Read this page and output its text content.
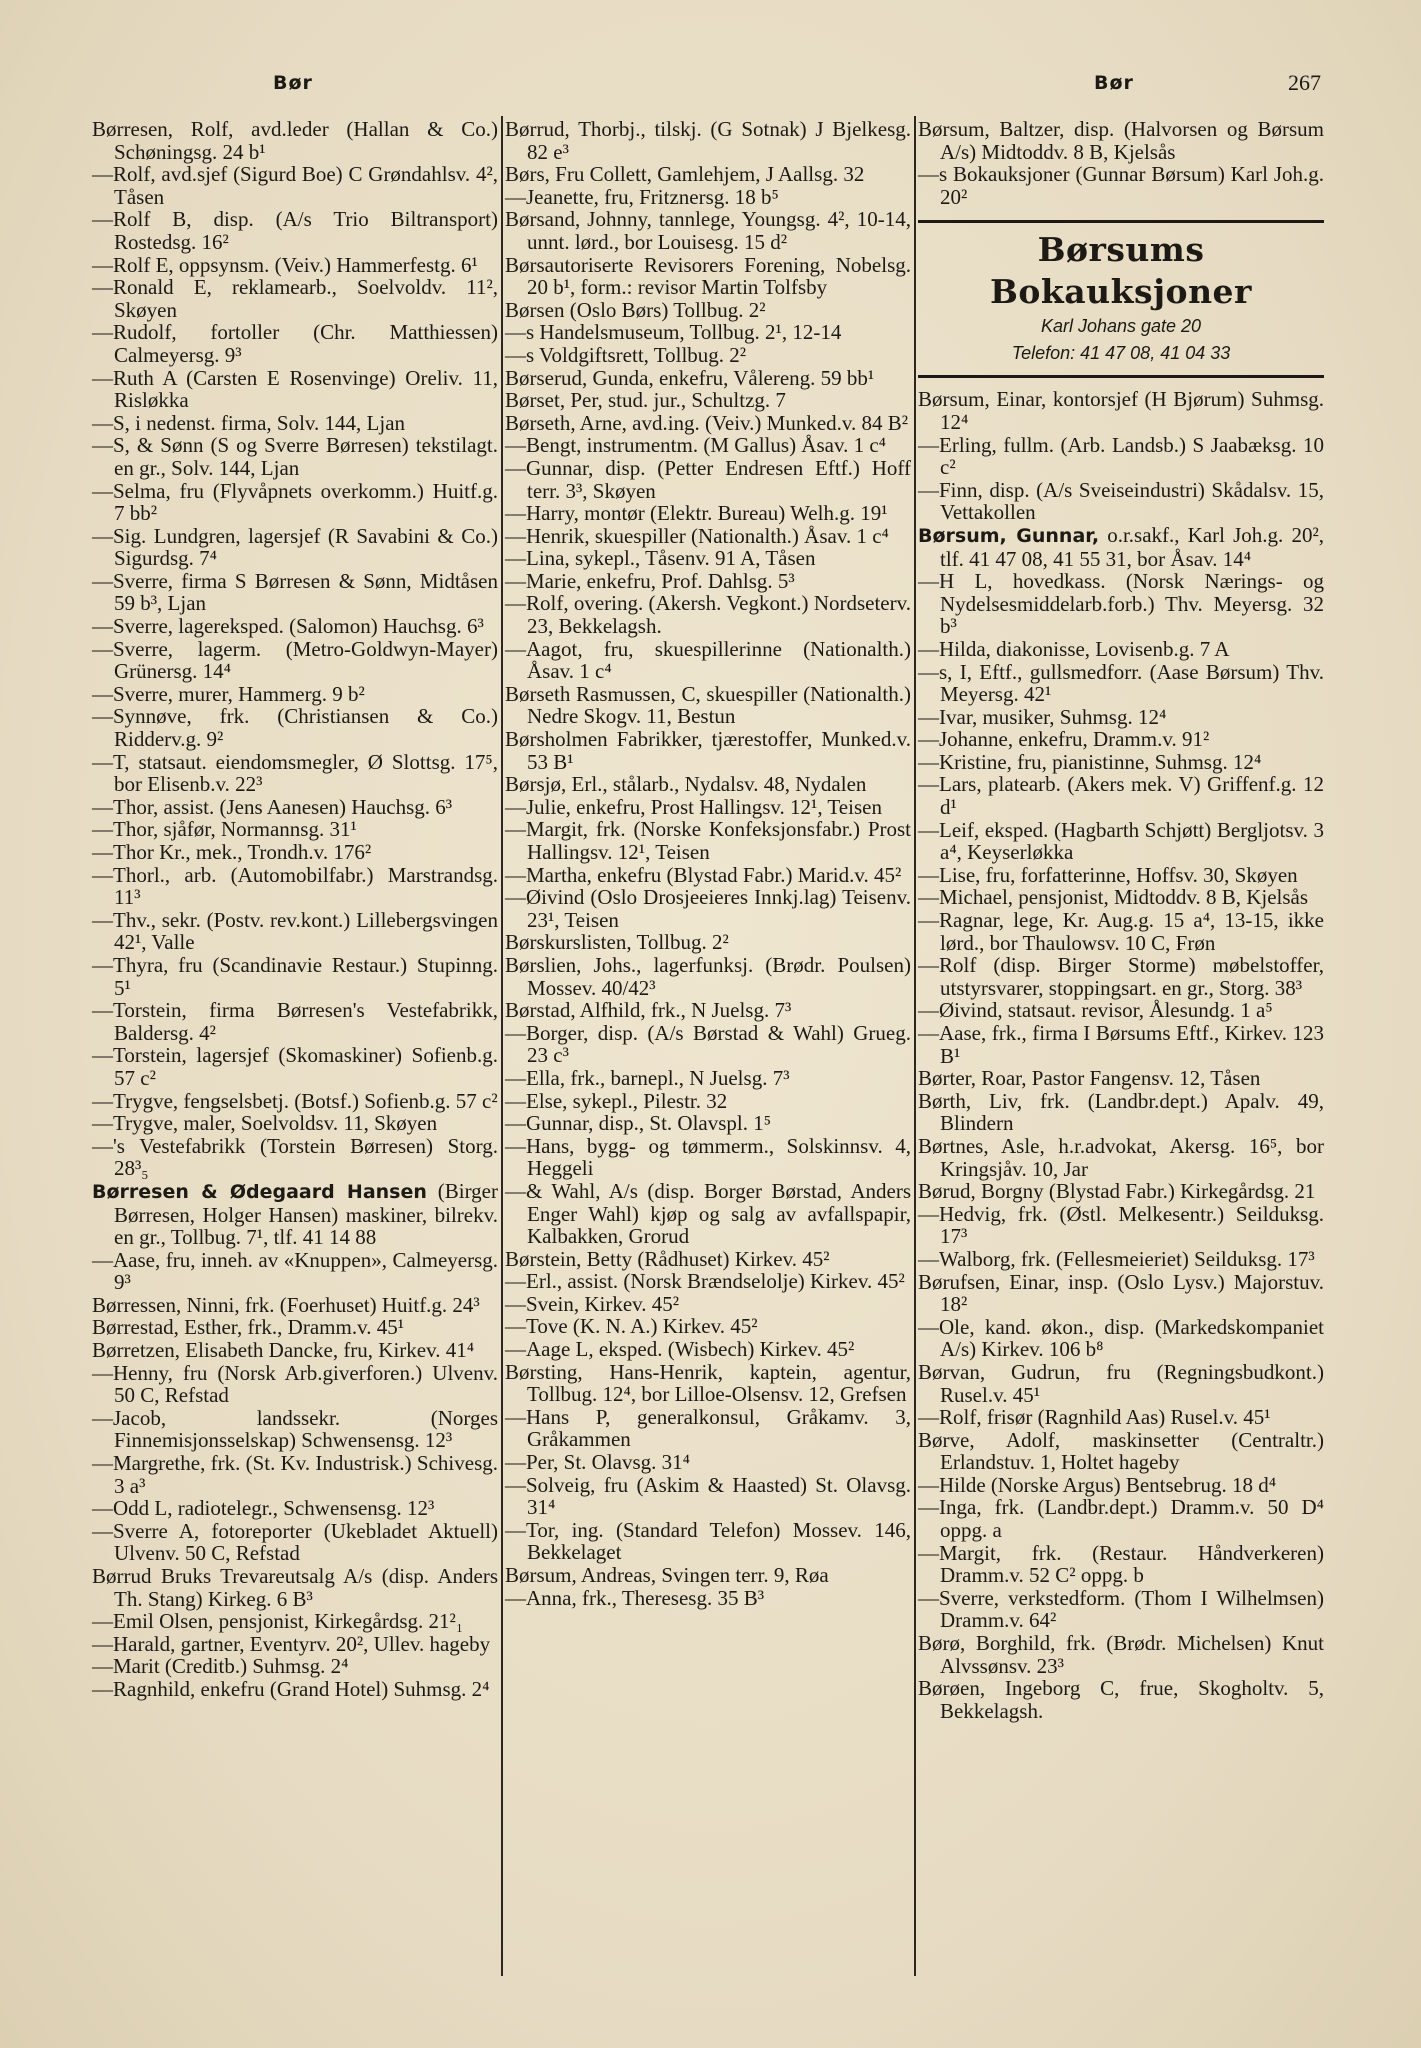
Bør	Bør	267
Børresen, Rolf, avd.leder (Hallan & Co.) Schøningsg. 24 b¹
—Rolf, avd.sjef (Sigurd Boe) C Grøndahlsv. 4², Tåsen
—Rolf B, disp. (A/s Trio Biltransport) Rostedsg. 16²
—Rolf E, oppsynsm. (Veiv.) Hammerfestg. 6¹
—Ronald E, reklamearb., Soelvoldv. 11², Skøyen
—Rudolf, fortoller (Chr. Matthiessen) Calmeyersg. 9³
—Ruth A (Carsten E Rosenvinge) Oreliv. 11, Risløkka
—S, i nedenst. firma, Solv. 144, Ljan
—S, & Sønn (S og Sverre Børresen) tekstilagt. en gr., Solv. 144, Ljan
—Selma, fru (Flyvåpnets overkomm.) Huitf.g. 7 bb²
—Sig. Lundgren, lagersjef (R Savabini & Co.) Sigurdsg. 7⁴
—Sverre, firma S Børresen & Sønn, Midtåsen 59 b³, Ljan
—Sverre, lagereksped. (Salomon) Hauchsg. 6³
—Sverre, lagerm. (Metro-Goldwyn-Mayer) Grünersg. 14⁴
—Sverre, murer, Hammerg. 9 b²
—Synnøve, frk. (Christiansen & Co.) Ridderv.g. 9²
—T, statsaut. eiendomsmegler, Ø Slottsg. 17⁵, bor Elisenb.v. 22³
—Thor, assist. (Jens Aanesen) Hauchsg. 6³
—Thor, sjåfør, Normannsg. 31¹
—Thor Kr., mek., Trondh.v. 176²
—Thorl., arb. (Automobilfabr.) Marstrandsg. 11³
—Thv., sekr. (Postv. rev.kont.) Lillebergsvingen 42¹, Valle
—Thyra, fru (Scandinavie Restaur.) Stupinng. 5¹
—Torstein, firma Børresen's Vestefabrikk, Baldersg. 4²
—Torstein, lagersjef (Skomaskiner) Sofienb.g. 57 c²
—Trygve, fengselsbetj. (Botsf.) Sofienb.g. 57 c²
—Trygve, maler, Soelvoldsv. 11, Skøyen
—'s Vestefabrikk (Torstein Børresen) Storg. 28³₅
Børresen & Ødegaard Hansen (Birger Børresen, Holger Hansen) maskiner, bilrekv. en gr., Tollbug. 7¹, tlf. 41 14 88
—Aase, fru, inneh. av «Knuppen», Calmeyersg. 9³
Børressen, Ninni, frk. (Foerhuset) Huitf.g. 24³
Børrestad, Esther, frk., Dramm.v. 45¹
Børretzen, Elisabeth Dancke, fru, Kirkev. 41⁴
—Henny, fru (Norsk Arb.giverforen.) Ulvenv. 50 C, Refstad
—Jacob, landssekr. (Norges Finnemisjonsselskap) Schwensensg. 12³
—Margrethe, frk. (St. Kv. Industrisk.) Schivesg. 3 a³
—Odd L, radiotelegr., Schwensensg. 12³
—Sverre A, fotoreporter (Ukebladet Aktuell) Ulvenv. 50 C, Refstad
Børrud Bruks Trevareutsalg A/s (disp. Anders Th. Stang) Kirkeg. 6 B³
—Emil Olsen, pensjonist, Kirkegårdsg. 21²₁
—Harald, gartner, Eventyrv. 20², Ullev. hageby
—Marit (Creditb.) Suhmsg. 2⁴
—Ragnhild, enkefru (Grand Hotel) Suhmsg. 2⁴
Børrud, Thorbj., tilskj. (G Sotnak) J Bjelkesg. 82 e³
Børs, Fru Collett, Gamlehjem, J Aallsg. 32
—Jeanette, fru, Fritznersg. 18 b⁵
Børsand, Johnny, tannlege, Youngsg. 4², 10-14, unnt. lørd., bor Louisesg. 15 d²
Børsautoriserte Revisorers Forening, Nobelsg. 20 b¹, form.: revisor Martin Tolfsby
Børsen (Oslo Børs) Tollbug. 2²
—s Handelsmuseum, Tollbug. 2¹, 12-14
—s Voldgiftsrett, Tollbug. 2²
Børserud, Gunda, enkefru, Vålereng. 59 bb¹
Børset, Per, stud. jur., Schultzg. 7
Børseth, Arne, avd.ing. (Veiv.) Munked.v. 84 B²
—Bengt, instrumentm. (M Gallus) Åsav. 1 c⁴
—Gunnar, disp. (Petter Endresen Eftf.) Hoff terr. 3³, Skøyen
—Harry, montør (Elektr. Bureau) Welh.g. 19¹
—Henrik, skuespiller (Nationalth.) Åsav. 1 c⁴
—Lina, sykepl., Tåsenv. 91 A, Tåsen
—Marie, enkefru, Prof. Dahlsg. 5³
—Rolf, overing. (Akersh. Vegkont.) Nordseterv. 23, Bekkelagsh.
—Aagot, fru, skuespillerinne (Nationalth.) Åsav. 1 c⁴
Børseth Rasmussen, C, skuespiller (Nationalth.) Nedre Skogv. 11, Bestun
Børsholmen Fabrikker, tjærestoffer, Munked.v. 53 B¹
Børsjø, Erl., stålarb., Nydalsv. 48, Nydalen
—Julie, enkefru, Prost Hallingsv. 12¹, Teisen
—Margit, frk. (Norske Konfeksjonsfabr.) Prost Hallingsv. 12¹, Teisen
—Martha, enkefru (Blystad Fabr.) Marid.v. 45²
—Øivind (Oslo Drosjeeieres Innkj.lag) Teisenv. 23¹, Teisen
Børskurslisten, Tollbug. 2²
Børslien, Johs., lagerfunksj. (Brødr. Poulsen) Mossev. 40/42³
Børstad, Alfhild, frk., N Juelsg. 7³
—Borger, disp. (A/s Børstad & Wahl) Grueg. 23 c³
—Ella, frk., barnepl., N Juelsg. 7³
—Else, sykepl., Pilestr. 32
—Gunnar, disp., St. Olavspl. 1⁵
—Hans, bygg- og tømmerm., Solskinnsv. 4, Heggeli
—& Wahl, A/s (disp. Borger Børstad, Anders Enger Wahl) kjøp og salg av avfallspapir, Kalbakken, Grorud
Børstein, Betty (Rådhuset) Kirkev. 45²
—Erl., assist. (Norsk Brændselolje) Kirkev. 45²
—Svein, Kirkev. 45²
—Tove (K. N. A.) Kirkev. 45²
—Aage L, eksped. (Wisbech) Kirkev. 45²
Børsting, Hans-Henrik, kaptein, agentur, Tollbug. 12⁴, bor Lilloe-Olsensv. 12, Grefsen
—Hans P, generalkonsul, Gråkamv. 3, Gråkammen
—Per, St. Olavsg. 31⁴
—Solveig, fru (Askim & Haasted) St. Olavsg. 31⁴
—Tor, ing. (Standard Telefon) Mossev. 146, Bekkelaget
Børsum, Andreas, Svingen terr. 9, Røa
—Anna, frk., Theresesg. 35 B³
Børsum, Baltzer, disp. (Halvorsen og Børsum A/s) Midtoddv. 8 B, Kjelsås
—s Bokauksjoner (Gunnar Børsum) Karl Joh.g. 20²
Børsums
Bokauksjoner
Karl Johans gate 20
Telefon: 41 47 08, 41 04 33
Børsum, Einar, kontorsjef (H Bjørum) Suhmsg. 12⁴
—Erling, fullm. (Arb. Landsb.) S Jaabæksg. 10 c²
—Finn, disp. (A/s Sveiseindustri) Skådalsv. 15, Vettakollen
Børsum, Gunnar, o.r.sakf., Karl Joh.g. 20², tlf. 41 47 08, 41 55 31, bor Åsav. 14⁴
—H L, hovedkass. (Norsk Nærings- og Nydelsesmiddelarb.forb.) Thv. Meyersg. 32 b³
—Hilda, diakonisse, Lovisenb.g. 7 A
—s, I, Eftf., gullsmedforr. (Aase Børsum) Thv. Meyersg. 42¹
—Ivar, musiker, Suhmsg. 12⁴
—Johanne, enkefru, Dramm.v. 91²
—Kristine, fru, pianistinne, Suhmsg. 12⁴
—Lars, platearb. (Akers mek. V) Griffenf.g. 12 d¹
—Leif, eksped. (Hagbarth Schjøtt) Bergljotsv. 3 a⁴, Keyserløkka
—Lise, fru, forfatterinne, Hoffsv. 30, Skøyen
—Michael, pensjonist, Midtoddv. 8 B, Kjelsås
—Ragnar, lege, Kr. Aug.g. 15 a⁴, 13-15, ikke lørd., bor Thaulowsv. 10 C, Frøn
—Rolf (disp. Birger Storme) møbelstoffer, utstyrsvarer, stoppingsart. en gr., Storg. 38³
—Øivind, statsaut. revisor, Ålesundg. 1 a⁵
—Aase, frk., firma I Børsums Eftf., Kirkev. 123 B¹
Børter, Roar, Pastor Fangensv. 12, Tåsen
Børth, Liv, frk. (Landbr.dept.) Apalv. 49, Blindern
Børtnes, Asle, h.r.advokat, Akersg. 16⁵, bor Kringsjåv. 10, Jar
Børud, Borgny (Blystad Fabr.) Kirkegårdsg. 21
—Hedvig, frk. (Østl. Melkesentr.) Seilduksg. 17³
—Walborg, frk. (Fellesmeieriet) Seilduksg. 17³
Børufsen, Einar, insp. (Oslo Lysv.) Majorstuv. 18²
—Ole, kand. økon., disp. (Markedskompaniet A/s) Kirkev. 106 b⁸
Børvan, Gudrun, fru (Regningsbudkont.) Rusel.v. 45¹
—Rolf, frisør (Ragnhild Aas) Rusel.v. 45¹
Børve, Adolf, maskinsetter (Centraltr.) Erlandstuv. 1, Holtet hageby
—Hilde (Norske Argus) Bentsebrug. 18 d⁴
—Inga, frk. (Landbr.dept.) Dramm.v. 50 D⁴ oppg. a
—Margit, frk. (Restaur. Håndverkeren) Dramm.v. 52 C² oppg. b
—Sverre, verkstedform. (Thom I Wilhelmsen) Dramm.v. 64²
Børø, Borghild, frk. (Brødr. Michelsen) Knut Alvssønsv. 23³
Børøen, Ingeborg C, frue, Skogholtv. 5, Bekkelagsh.
